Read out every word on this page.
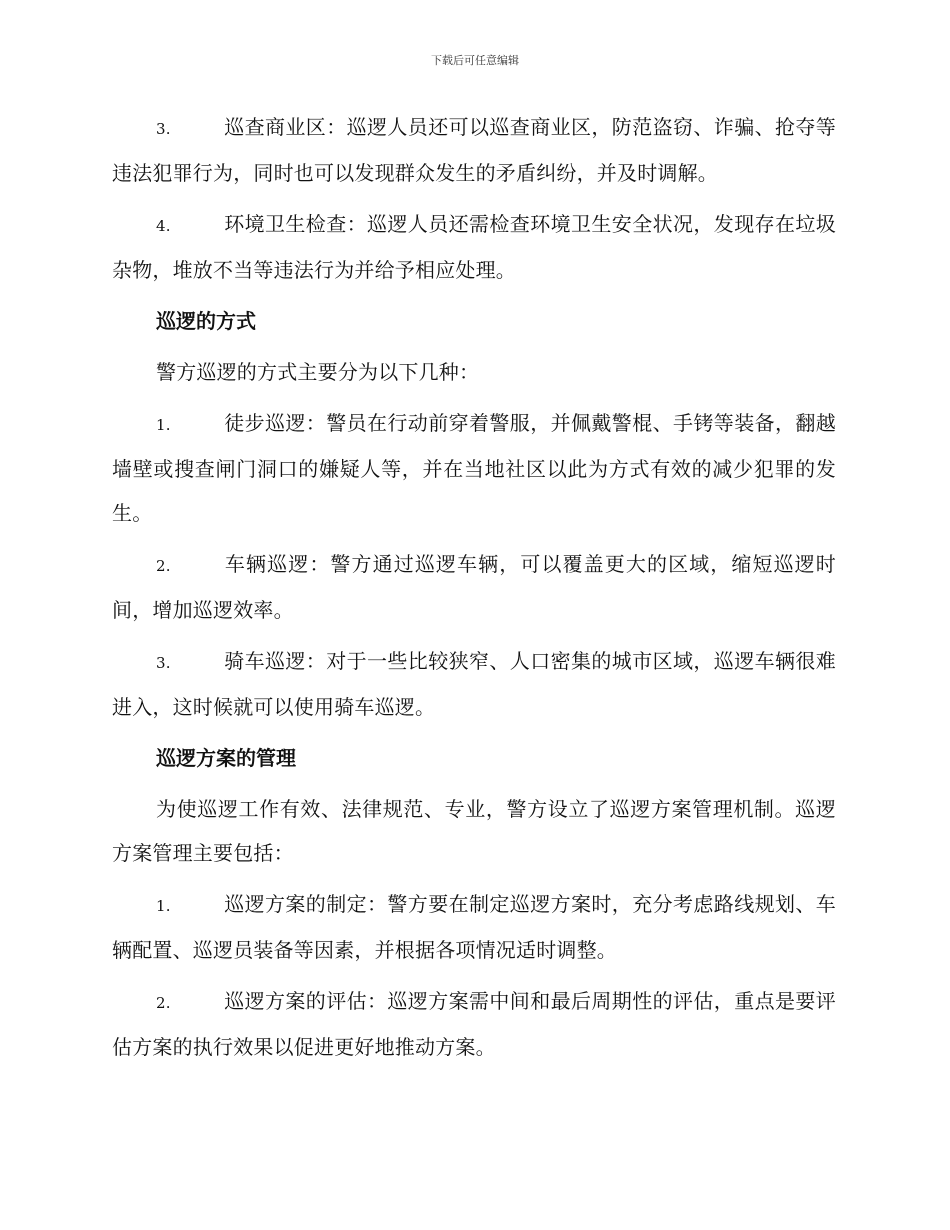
下载后可任意编辑

3.	巡查商业区：巡逻人员还可以巡查商业区，防范盗窃、诈骗、抢夺等违法犯罪行为，同时也可以发现群众发生的矛盾纠纷，并及时调解。

4.	环境卫生检查：巡逻人员还需检查环境卫生安全状况，发现存在垃圾杂物，堆放不当等违法行为并给予相应处理。

巡逻的方式

警方巡逻的方式主要分为以下几种：

1.	徒步巡逻：警员在行动前穿着警服，并佩戴警棍、手铐等装备，翻越墙壁或搜查闸门洞口的嫌疑人等，并在当地社区以此为方式有效的减少犯罪的发生。

2.	车辆巡逻：警方通过巡逻车辆，可以覆盖更大的区域，缩短巡逻时间，增加巡逻效率。

3.	骑车巡逻：对于一些比较狭窄、人口密集的城市区域，巡逻车辆很难进入，这时候就可以使用骑车巡逻。

巡逻方案的管理

为使巡逻工作有效、法律规范、专业，警方设立了巡逻方案管理机制。巡逻方案管理主要包括：

1.	巡逻方案的制定：警方要在制定巡逻方案时，充分考虑路线规划、车辆配置、巡逻员装备等因素，并根据各项情况适时调整。

2.	巡逻方案的评估：巡逻方案需中间和最后周期性的评估，重点是要评估方案的执行效果以促进更好地推动方案。
